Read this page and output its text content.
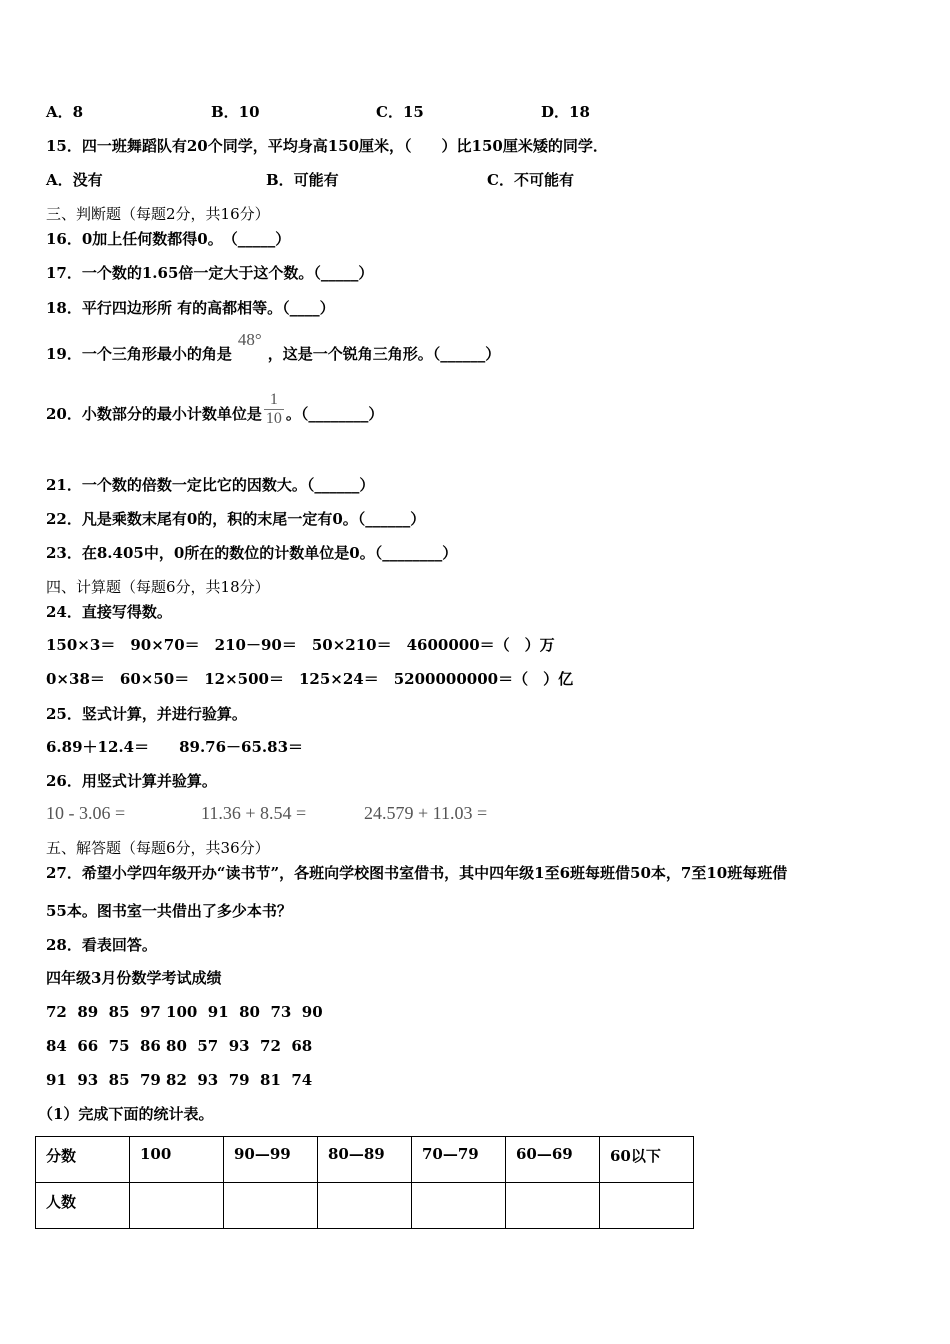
A．8	B．10	C．15	D．18
15．四一班舞蹈队有20个同学，平均身高150厘米，（　　）比150厘米矮的同学．
A．没有	B．可能有	C．不可能有
三、判断题（每题2分，共16分）
16．0加上任何数都得0。　（_____）
17．一个数的1.65倍一定大于这个数。（_____）
18．平行四边形所 有的高都相等。（____）
19．一个三角形最小的角是48°，这是一个锐角三角形。（______）
20．小数部分的最小计数单位是 $\frac{1}{10}$ 。（________）
21．一个数的倍数一定比它的因数大。（______）
22．凡是乘数末尾有0的，积的末尾一定有0。（______）
23．在8.405中，0所在的数位的计数单位是0。（________）
四、计算题（每题6分，共18分）
24．直接写得数。
150×3＝　90×70＝　210－90＝　50×210＝　4600000＝（　）万
0×38＝　60×50＝　12×500＝　125×24＝　5200000000＝（　）亿
25．竖式计算，并进行验算。
6.89＋12.4＝　　89.76－65.83＝
26．用竖式计算并验算。
10 - 3.06 =	11.36 + 8.54 =	24.579 + 11.03 =
五、解答题（每题6分，共36分）
27．希望小学四年级开办“读书节”，各班向学校图书室借书，其中四年级1至6班每班借50本，7至10班每班借
55本。图书室一共借出了多少本书？
28．看表回答。
四年级3月份数学考试成绩
72  89  85  97 100  91  80  73  90
84  66  75  86 80  57  93  72  68
91  93  85  79 82  93  79  81  74
（1）完成下面的统计表。
分数	100	90—99	80—89	70—79	60—69	60以下
人数						
